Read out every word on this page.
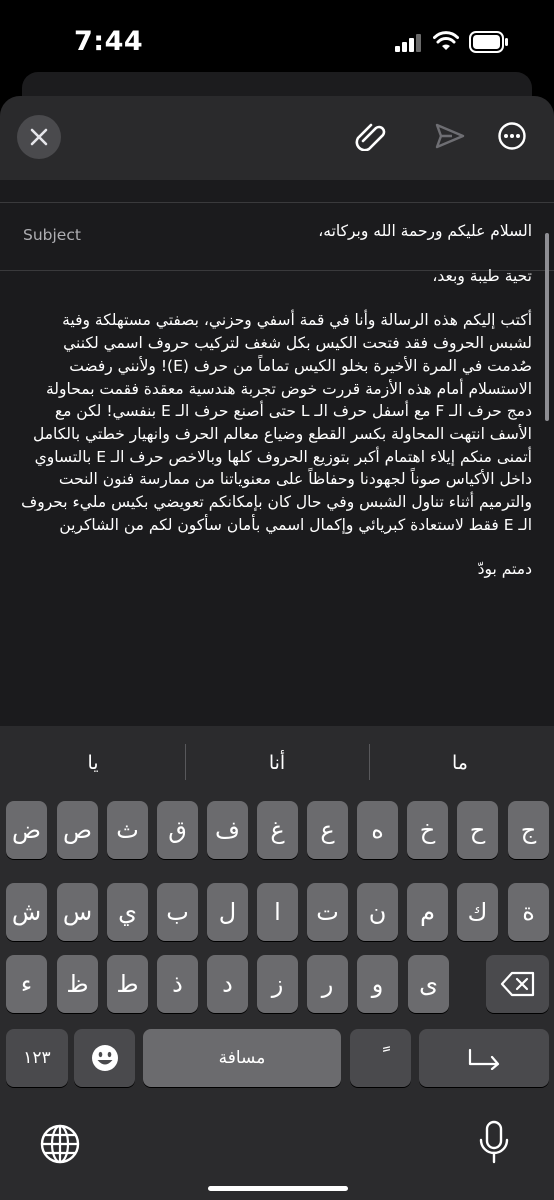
7:44
Subject	السلام عليكم ورحمة الله وبركاته،

تحية طيبة وبعد،

أكتب إليكم هذه الرسالة وأنا في قمة أسفي وحزني، بصفتي مستهلكة وفية لشبس الحروف فقد فتحت الكيس بكل شغف لتركيب حروف اسمي لكنني صُدمت في المرة الأخيرة بخلو الكيس تماماً من حرف (E)! ولأنني رفضت الاستسلام أمام هذه الأزمة قررت خوض تجربة هندسية معقدة فقمت بمحاولة دمج حرف الـ F مع أسفل حرف الـ L حتى أصنع حرف الـ E بنفسي! لكن مع الأسف انتهت المحاولة بكسر القطع وضياع معالم الحرف وانهيار خطتي بالكامل أتمنى منكم إيلاء اهتمام أكبر بتوزيع الحروف كلها وبالاخص حرف الـ E بالتساوي داخل الأكياس صوناً لجهودنا وحفاظاً على معنوياتنا من ممارسة فنون النحت والترميم أثناء تناول الشبس وفي حال كان بإمكانكم تعويضي بكيس مليء بحروف الـ E فقط لاستعادة كبريائي وإكمال اسمي بأمان سأكون لكم من الشاكرين

دمتم بودّ

ما
أنا
يا
ج
ح
خ
ه
ع
غ
ف
ق
ث
ص
ض
ة
ك
م
ن
ت
ا
ل
ب
ي
س
ش
ى
و
ر
ز
د
ذ
ط
ظ
ء
١٢٣	مسافة
